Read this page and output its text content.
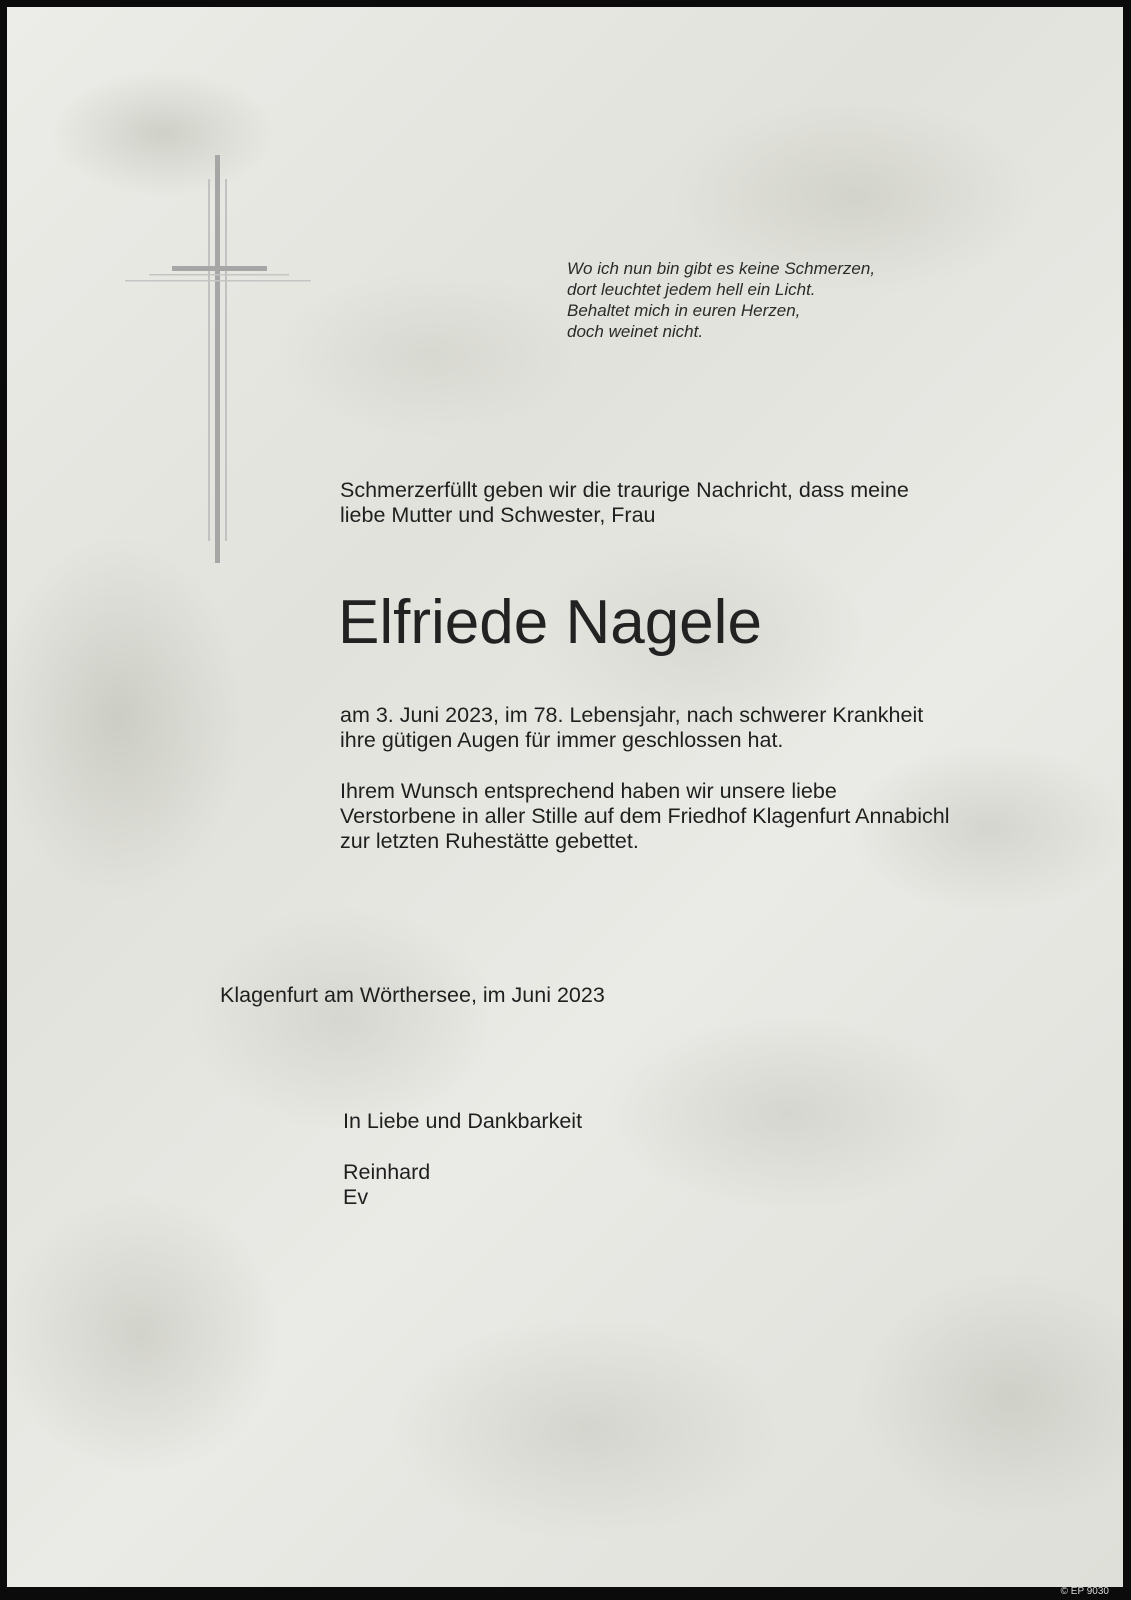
Wo ich nun bin gibt es keine Schmerzen,
dort leuchtet jedem hell ein Licht.
Behaltet mich in euren Herzen,
doch weinet nicht.
Schmerzerfüllt geben wir die traurige Nachricht, dass meine
liebe Mutter und Schwester, Frau
Elfriede Nagele
am 3. Juni 2023, im 78. Lebensjahr, nach schwerer Krankheit
ihre gütigen Augen für immer geschlossen hat.
Ihrem Wunsch entsprechend haben wir unsere liebe
Verstorbene in aller Stille auf dem Friedhof Klagenfurt Annabichl
zur letzten Ruhestätte gebettet.
Klagenfurt am Wörthersee, im Juni 2023
In Liebe und Dankbarkeit
Reinhard
Ev
© EP 9030
